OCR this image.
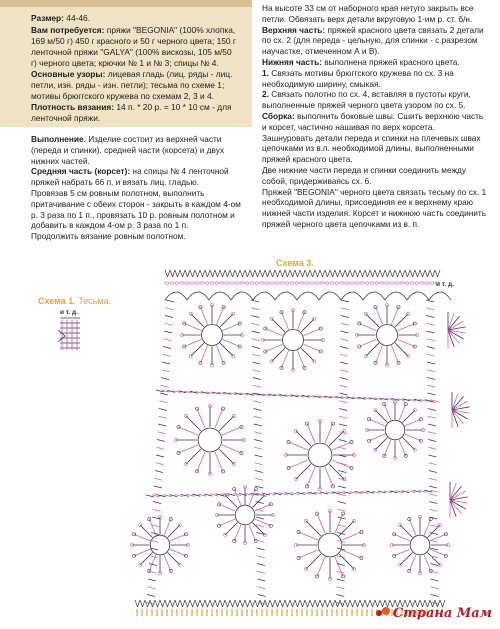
Размер: 44-46.
Вам потребуется: пряжи "BEGONIA" (100% хлопка,
169 м/50 г) 450 г красного и 50 г черного цвета; 150 г
ленточной пряжи "GALYA" (100% вискозы, 105 м/50
г) черного цвета; крючки № 1 и № 3; спицы № 4.
Основные узоры: лицевая гладь (лиц. ряды - лиц.
петли, изн. ряды - изн. петли); тесьма по схеме 1;
мотивы брюггского кружева по схемам 2, 3 и 4.
Плотность вязания: 14 п. * 20 р. = 10 * 10 см - для
ленточной пряжи.

Выполнение. Изделие состоит из верхней части (переда и спинки), средней части (корсета) и двух нижних частей.

Средняя часть (корсет): на спицы № 4 ленточной пряжей набрать 66 п. и вязать лиц. гладью.

Провязав 5 см ровным полотном, выполнить притачивание с обеих сторон - закрыть в каждом 4-ом р. 3 раза по 1 п., провязать 10 р. ровным полотном и добавить в каждом 4-ом р. 3 раза по 1 п.

Продолжить вязание ровным полотном.

На высоте 33 см от наборного края нетуго закрыть все петли. Обвязать верх детали вкруговую 1-им р. ст. б/н.

Верхняя часть: пряжей красного цвета связать 2 детали по сх. 2 (для переда - цельную, для спинки - с разрезом научастке, отмеченном А и В).

Нижняя часть: выполнена пряжей красного цвета.

1. Связать мотивы брюггского кружева по сх. 3 на необходимую ширину, смыкая.

2. Связать полотно по сх. 4, вставляя в пустоты круги, выполненные пряжей черного цвета узором по сх. 5.

Сборка: выполнить боковые швы. Сшить верхнюю часть и корсет, частично нашивая по верх корсета.

Зашнуровать детали переда и спинки на плечевых швах цепочками из в.п. необходимой длины, выполненными пряжей красного цвета.

Две нижние части переда и спинки соединить между собой, придерживаясь сх. 6.

Пряжей "BEGONIA" черного цвета связать тесьму по сх. 1 необходимой длины, присоединяя ее к верхнему краю нижней части изделия. Корсет и нижнюю часть соединить пряжей черного цвета цепочками из в. п.

Схема 3.
Схема 1. Тесьма.
и т. д.
и т. д.
Страна Мам
